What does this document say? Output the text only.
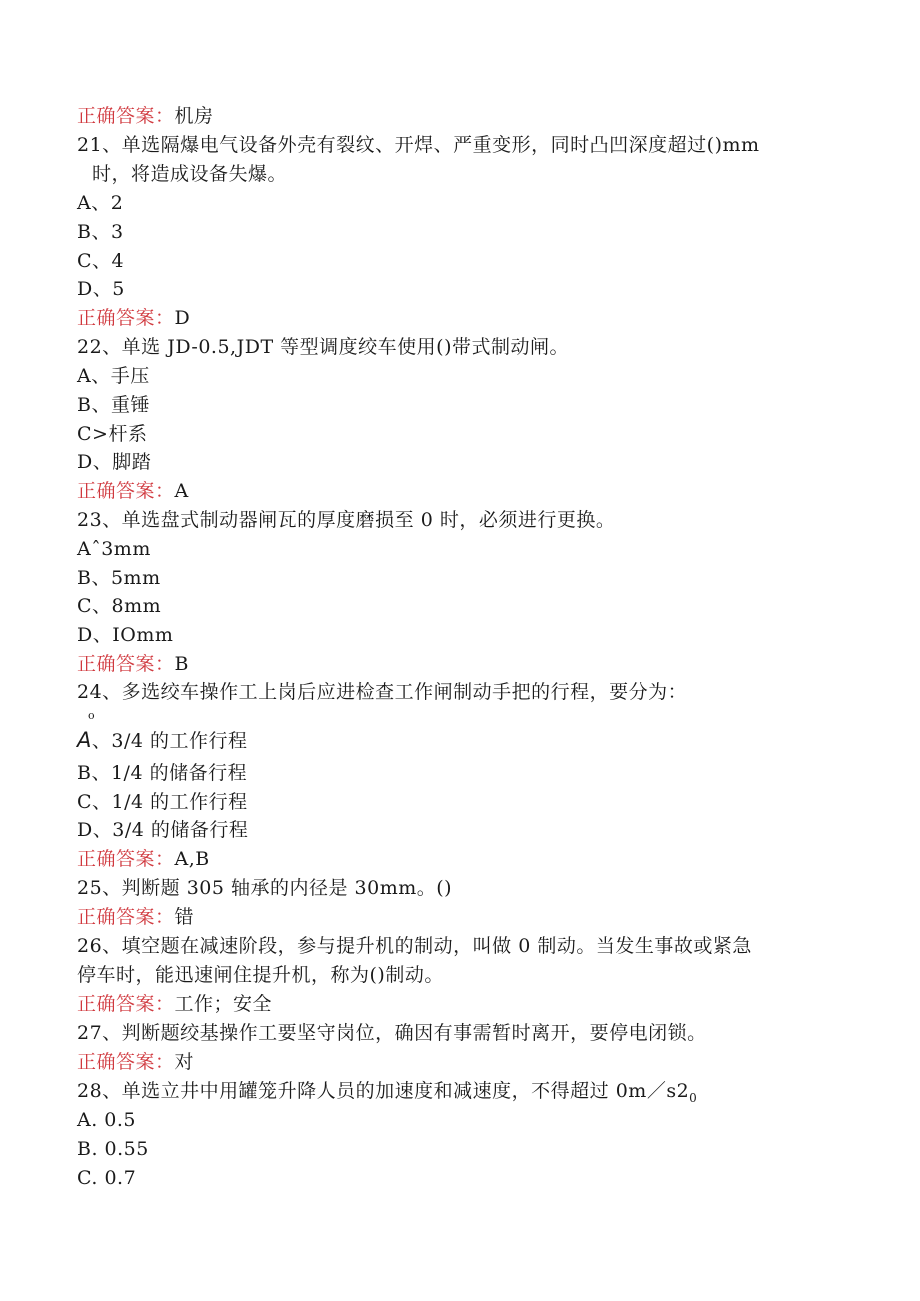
正确答案：机房
21、单选隔爆电气设备外壳有裂纹、开焊、严重变形，同时凸凹深度超过()mm
时，将造成设备失爆。
A、2
B、3
C、4
D、5
正确答案：D
22、单选 JD-0.5,JDT 等型调度绞车使用()带式制动闸。
A、手压
B、重锤
C>杆系
D、脚踏
正确答案：A
23、单选盘式制动器闸瓦的厚度磨损至 0 时，必须进行更换。
Aˆ3mm
B、5mm
C、8mm
D、IOmm
正确答案：B
24、多选绞车操作工上岗后应进检查工作闸制动手把的行程，要分为：
o
A、3/4 的工作行程
B、1/4 的储备行程
C、1/4 的工作行程
D、3/4 的储备行程
正确答案：A,B
25、判断题 305 轴承的内径是 30mm。()
正确答案：错
26、填空题在减速阶段，参与提升机的制动，叫做 0 制动。当发生事故或紧急
停车时，能迅速闸住提升机，称为()制动。
正确答案：工作；安全
27、判断题绞基操作工要坚守岗位，确因有事需暂时离开，要停电闭锁。
正确答案：对
28、单选立井中用罐笼升降人员的加速度和减速度，不得超过 $0m/s2_0$
A. 0.5
B. 0.55
C. 0.7
